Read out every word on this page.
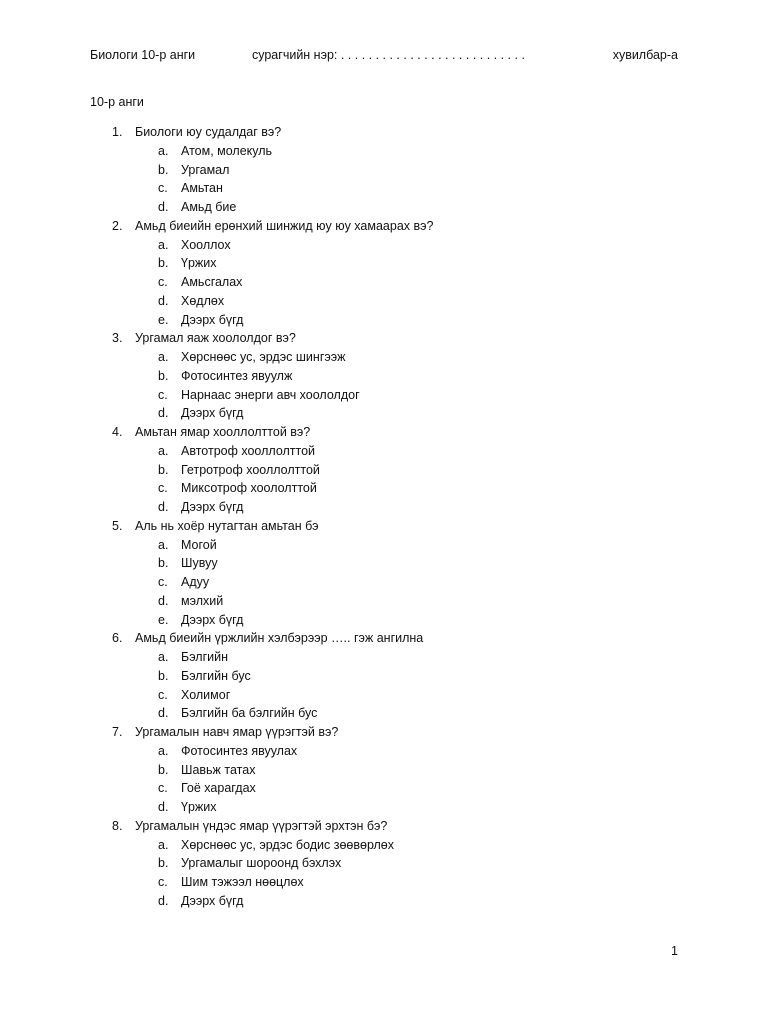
Биологи 10-р анги	сурагчийн нэр: . . . . . . . . . . . . . . . . . . . . . . . . . . .	хувилбар-а
10-р анги
1. Биологи юу судалдаг вэ?
a. Атом, молекуль
b. Ургамал
c. Амьтан
d. Амьд бие
2. Амьд биеийн ерөнхий шинжид юу юу хамаарах вэ?
a. Хооллох
b. Үржих
c. Амьсгалах
d. Хөдлөх
e. Дээрх бүгд
3. Ургамал яаж хоололдог вэ?
a. Хөрснөөс ус, эрдэс шингээж
b. Фотосинтез явуулж
c. Нарнаас энерги авч хоололдог
d. Дээрх бүгд
4. Амьтан ямар хооллолттой вэ?
a. Автотроф хооллолттой
b. Гетротроф хооллолттой
c. Миксотроф хоололттой
d. Дээрх бүгд
5. Аль нь хоёр нутагтан амьтан бэ
a. Могой
b. Шувуу
c. Адуу
d. мэлхий
e. Дээрх бүгд
6. Амьд биеийн үржлийн хэлбэрээр ….. гэж ангилна
a. Бэлгийн
b. Бэлгийн бус
c. Холимог
d. Бэлгийн ба бэлгийн бус
7. Ургамалын навч ямар үүрэгтэй вэ?
a. Фотосинтез явуулах
b. Шавьж татах
c. Гоё харагдах
d. Үржих
8. Ургамалын үндэс ямар үүрэгтэй эрхтэн бэ?
a. Хөрснөөс ус, эрдэс бодис зөөвөрлөх
b. Ургамалыг шороонд бэхлэх
c. Шим тэжээл нөөцлөх
d. Дээрх бүгд
1
